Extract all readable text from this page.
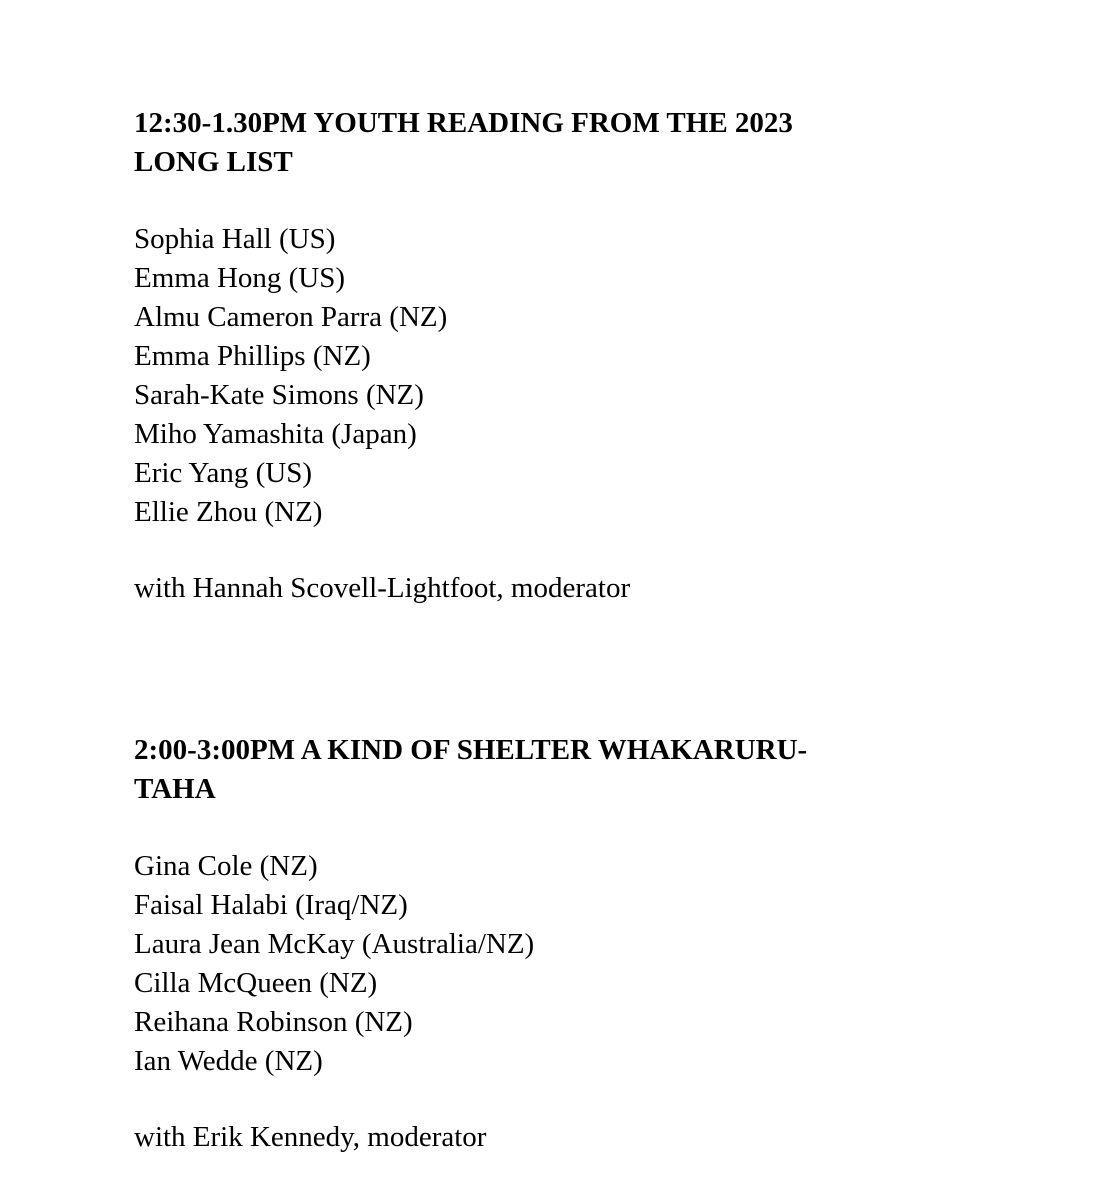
12:30-1.30PM YOUTH READING FROM THE 2023
LONG LIST
Sophia Hall (US)
Emma Hong (US)
Almu Cameron Parra (NZ)
Emma Phillips (NZ)
Sarah-Kate Simons (NZ)
Miho Yamashita (Japan)
Eric Yang (US)
Ellie Zhou (NZ)

with Hannah Scovell-Lightfoot, moderator

2:00-3:00PM A KIND OF SHELTER WHAKARURU-
TAHA
Gina Cole (NZ)
Faisal Halabi (Iraq/NZ)
Laura Jean McKay (Australia/NZ)
Cilla McQueen (NZ)
Reihana Robinson (NZ)
Ian Wedde (NZ)

with Erik Kennedy, moderator
